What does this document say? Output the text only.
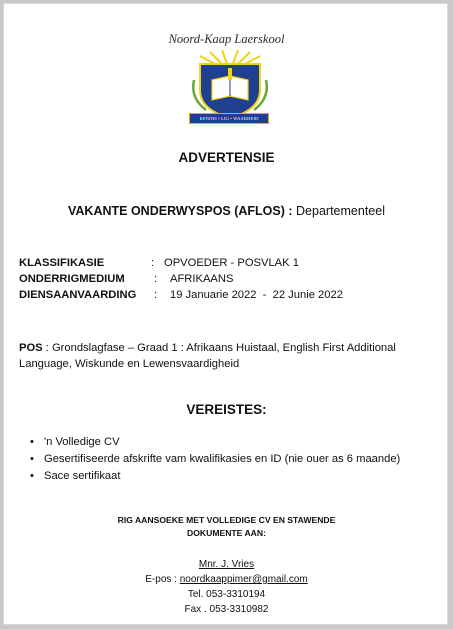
Noord-Kaap Laerskool
KENNIS • LIG • WAARHEID
ADVERTENSIE
VAKANTE ONDERWYSPOS (AFLOS) : Departementeel
KLASSIFIKASIE	: OPVOEDER - POSVLAK 1
ONDERRIGMEDIUM	: AFRIKAANS
DIENSAANVAARDING : 19 Januarie 2022  -  22 Junie 2022
POS : Grondslagfase – Graad 1 : Afrikaans Huistaal, English First Additional Language, Wiskunde en Lewensvaardigheid
VEREISTES:
• 'n Volledige CV
• Gesertifiseerde afskrifte vam kwalifikasies en ID (nie ouer as 6 maande)
• Sace sertifikaat
RIG AANSOEKE MET VOLLEDIGE CV EN STAWENDE
DOKUMENTE AAN:
Mnr. J. Vries
E-pos : noordkaappimer@gmail.com
Tel. 053-3310194
Fax . 053-3310982
